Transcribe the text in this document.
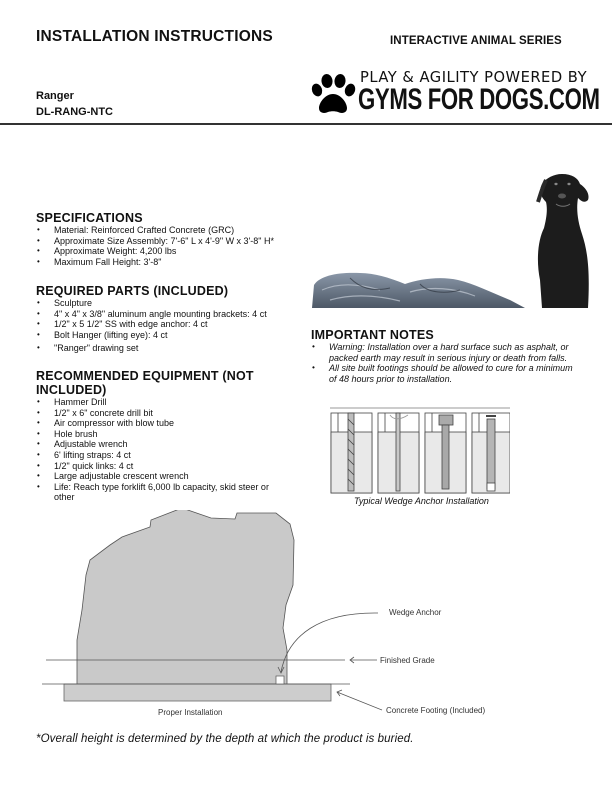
INSTALLATION INSTRUCTIONS	INTERACTIVE ANIMAL SERIES
Ranger
DL-RANG-NTC
PLAY & AGILITY POWERED BY
GYMS FOR DOGS.COM
SPECIFICATIONS
• Material: Reinforced Crafted Concrete (GRC)
• Approximate Size Assembly: 7'-6" L x 4'-9" W x 3'-8" H*
• Approximate Weight: 4,200 lbs
• Maximum Fall Height: 3'-8"
REQUIRED PARTS (INCLUDED)
• Sculpture
• 4" x 4" x 3/8" aluminum angle mounting brackets: 4 ct
• 1/2" x 5 1/2" SS with edge anchor: 4 ct
• Bolt Hanger (lifting eye): 4 ct
• "Ranger" drawing set
RECOMMENDED EQUIPMENT (NOT INCLUDED)
• Hammer Drill
• 1/2" x 6" concrete drill bit
• Air compressor with blow tube
• Hole brush
• Adjustable wrench
• 6' lifting straps: 4 ct
• 1/2" quick links: 4 ct
• Large adjustable crescent wrench
• Life: Reach type forklift 6,000 lb capacity, skid steer or other
IMPORTANT NOTES
• Warning: Installation over a hard surface such as asphalt, or packed earth may result in serious injury or death from falls.
• All site built footings should be allowed to cure for a minimum of 48 hours prior to installation.
Typical Wedge Anchor Installation
Wedge Anchor
Finished Grade
Concrete Footing (Included)
Proper Installation
*Overall height is determined by the depth at which the product is buried.
